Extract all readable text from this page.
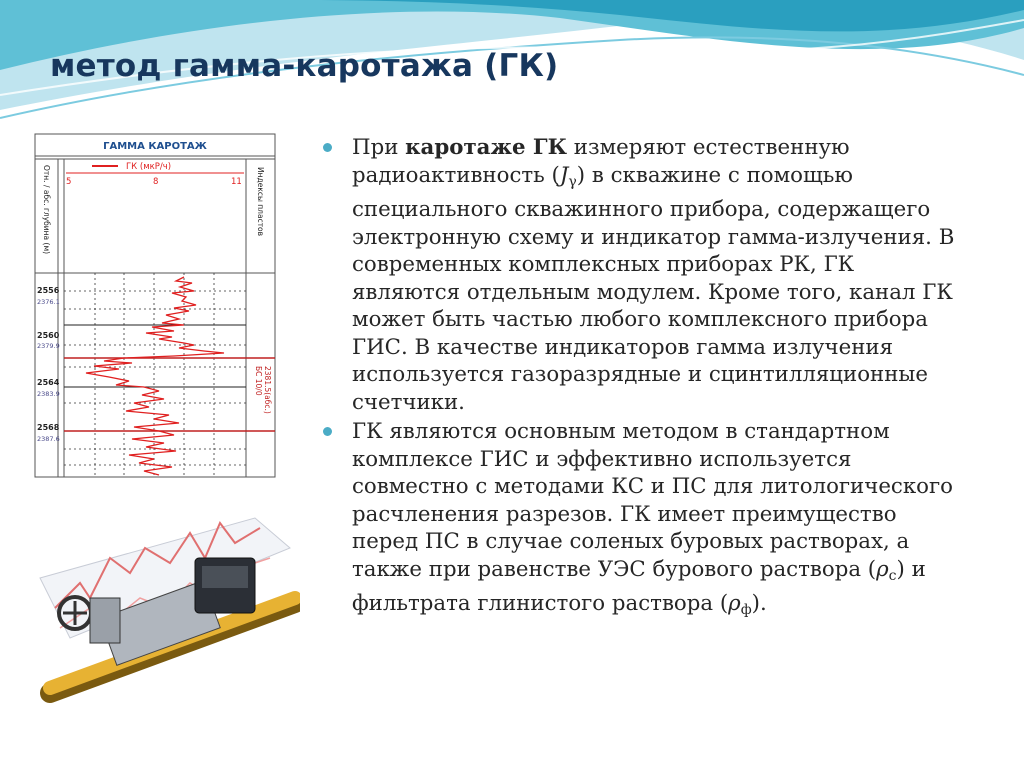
метод гамма-каротажа (ГК)
ГАММА КАРОТАЖ
Отн. / абс. глубина (м)	Индексы пластов
ГК (мкР/ч)
5	8	11
2556
2376.1
2560
2379.9
2564
2383.9
2568
2387.6
БС 10/0 2381.5(абс.)

При каротаже ГК измеряют естественную радиоактивность $(J_\gamma)$ в скважине с помощью специального скважинного прибора, содержащего электронную схему и индикатор гамма-излучения. В современных комплексных приборах РК, ГК являются отдельным модулем. Кроме того, канал ГК может быть частью любого комплексного прибора ГИС. В качестве индикаторов гамма излучения используется газоразрядные и сцинтилляционные счетчики.

ГК являются основным методом в стандартном комплексе ГИС и эффективно используется совместно с методами КС и ПС для литологического расчленения разрезов. ГК имеет преимущество перед ПС в случае соленых буровых растворах, а также при равенстве УЭС бурового раствора $(\rho_c)$ и фильтрата глинистого раствора $(\rho_ф)$.
